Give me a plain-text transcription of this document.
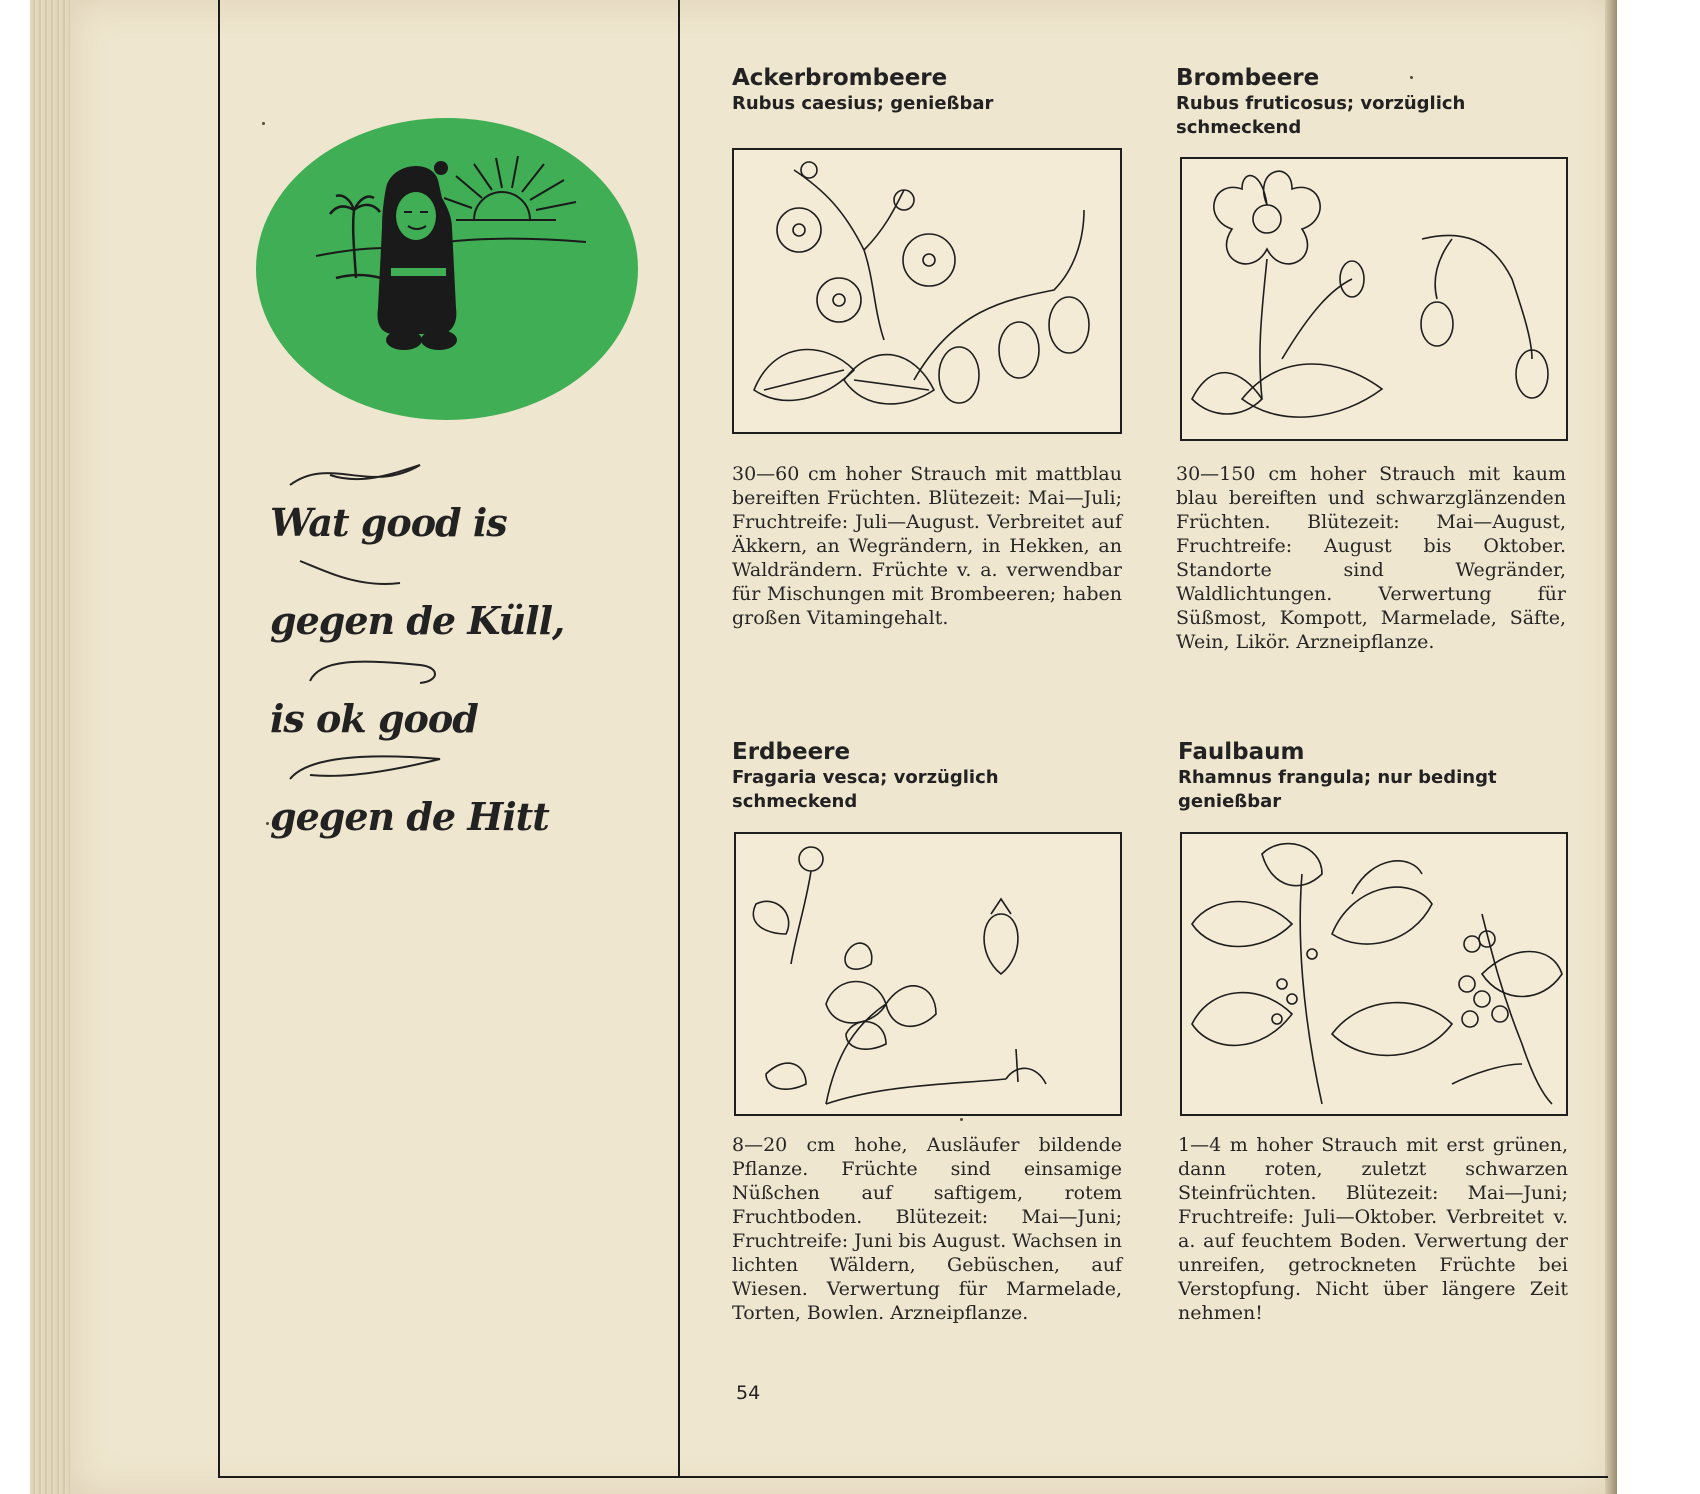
Wat good is
gegen de Küll,
is ok good
gegen de Hitt

Ackerbrombeere

Rubus caesius; genießbar

30—60 cm hoher Strauch mit mattblau bereiften Früchten. Blütezeit: Mai—Juli; Fruchtreife: Juli—August. Verbreitet auf Äkkern, an Wegrändern, in Hekken, an Waldrändern. Früchte v. a. verwendbar für Mischungen mit Brombeeren; haben großen Vitamingehalt.

Brombeere

Rubus fruticosus; vorzüglich schmeckend

30—150 cm hoher Strauch mit kaum blau bereiften und schwarzglänzenden Früchten. Blütezeit: Mai—August, Fruchtreife: August bis Oktober. Standorte sind Wegränder, Waldlichtungen. Verwertung für Süßmost, Kompott, Marmelade, Säfte, Wein, Likör. Arzneipflanze.

Erdbeere

Fragaria vesca; vorzüglich schmeckend

8—20 cm hohe, Ausläufer bildende Pflanze. Früchte sind einsamige Nüßchen auf saftigem, rotem Fruchtboden. Blütezeit: Mai—Juni; Fruchtreife: Juni bis August. Wachsen in lichten Wäldern, Gebüschen, auf Wiesen. Verwertung für Marmelade, Torten, Bowlen. Arzneipflanze.

Faulbaum

Rhamnus frangula; nur bedingt genießbar

1—4 m hoher Strauch mit erst grünen, dann roten, zuletzt schwarzen Steinfrüchten. Blütezeit: Mai—Juni; Fruchtreife: Juli—Oktober. Verbreitet v. a. auf feuchtem Boden. Verwertung der unreifen, getrockneten Früchte bei Verstopfung. Nicht über längere Zeit nehmen!

54
